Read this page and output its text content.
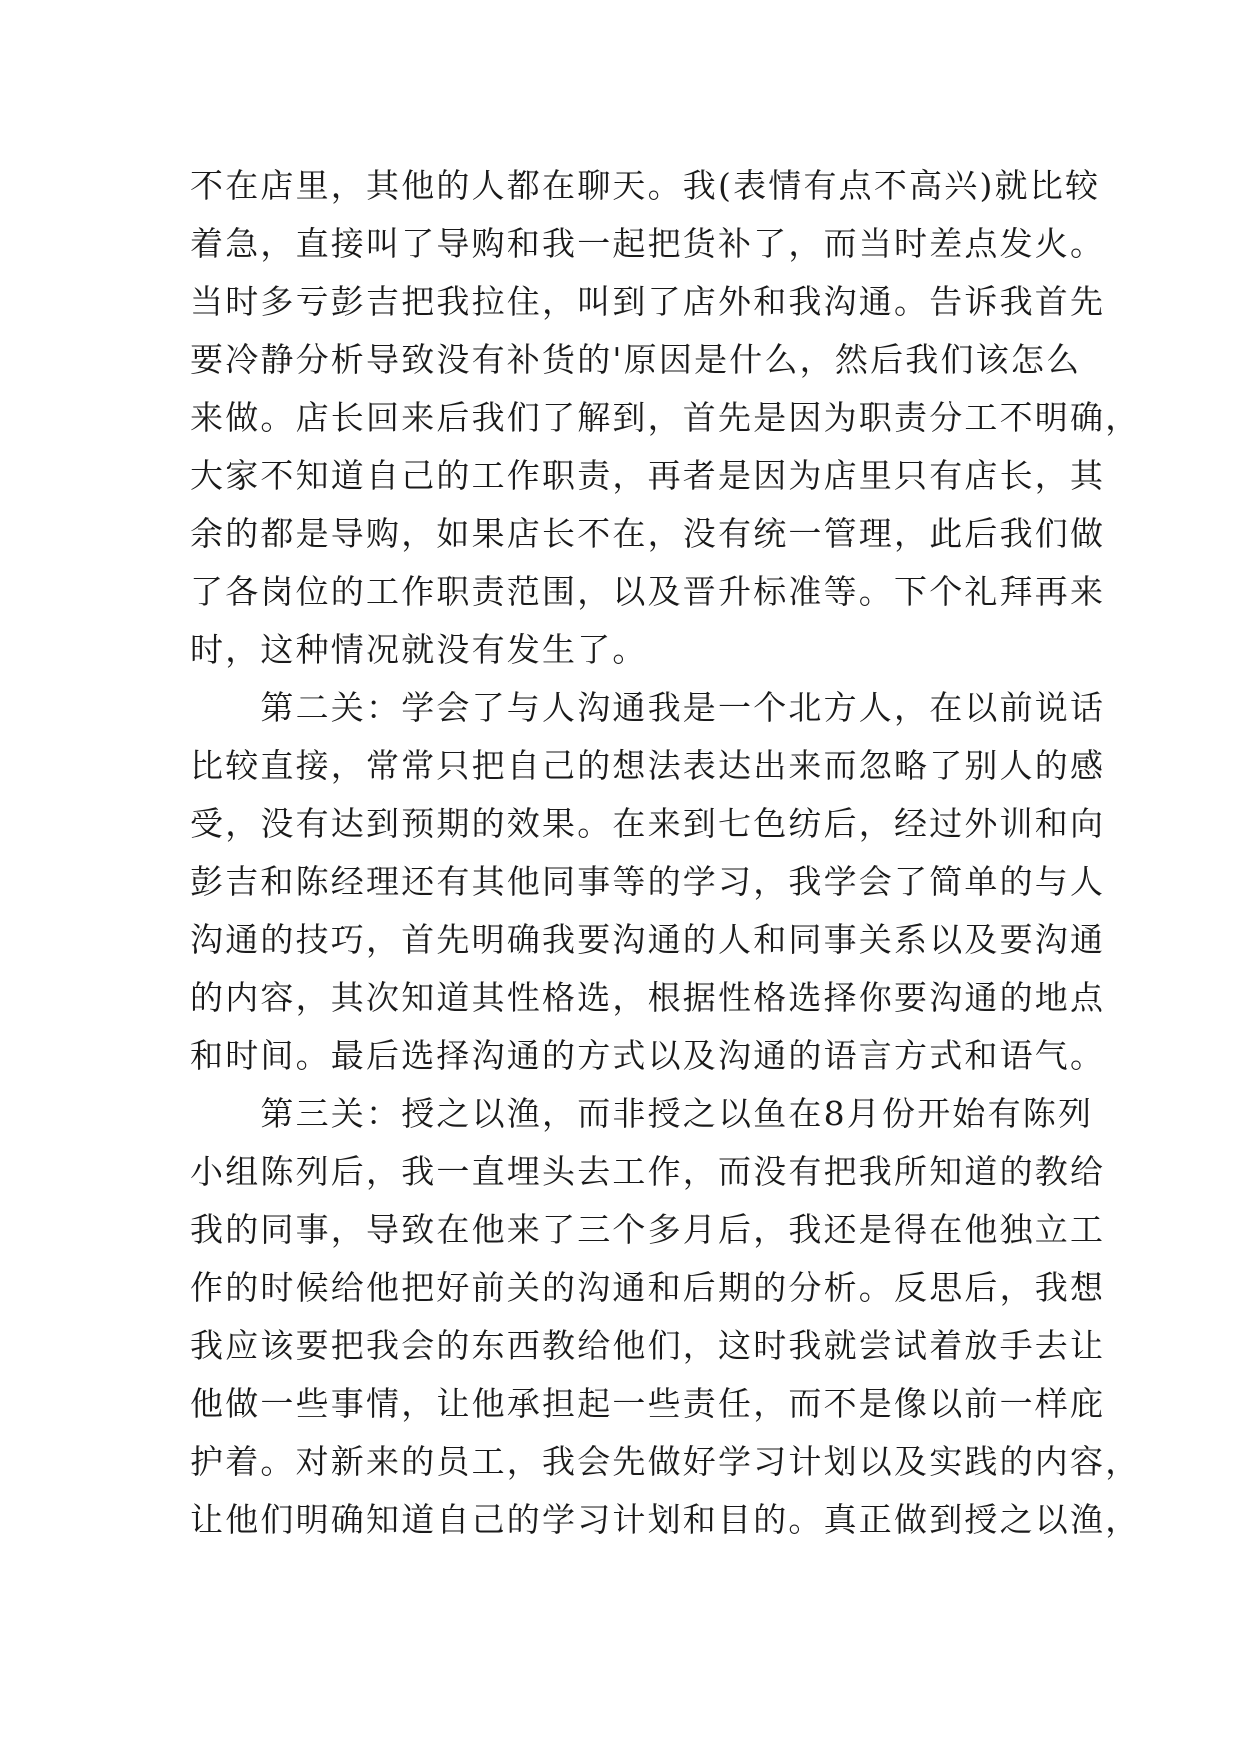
不在店里，其他的人都在聊天。我(表情有点不高兴)就比较
着急，直接叫了导购和我一起把货补了，而当时差点发火。
当时多亏彭吉把我拉住，叫到了店外和我沟通。告诉我首先
要冷静分析导致没有补货的'原因是什么，然后我们该怎么
来做。店长回来后我们了解到，首先是因为职责分工不明确，
大家不知道自己的工作职责，再者是因为店里只有店长，其
余的都是导购，如果店长不在，没有统一管理，此后我们做
了各岗位的工作职责范围，以及晋升标准等。下个礼拜再来
时，这种情况就没有发生了。
　　第二关：学会了与人沟通我是一个北方人，在以前说话
比较直接，常常只把自己的想法表达出来而忽略了别人的感
受，没有达到预期的效果。在来到七色纺后，经过外训和向
彭吉和陈经理还有其他同事等的学习，我学会了简单的与人
沟通的技巧，首先明确我要沟通的人和同事关系以及要沟通
的内容，其次知道其性格选，根据性格选择你要沟通的地点
和时间。最后选择沟通的方式以及沟通的语言方式和语气。
　　第三关：授之以渔，而非授之以鱼在8月份开始有陈列
小组陈列后，我一直埋头去工作，而没有把我所知道的教给
我的同事，导致在他来了三个多月后，我还是得在他独立工
作的时候给他把好前关的沟通和后期的分析。反思后，我想
我应该要把我会的东西教给他们，这时我就尝试着放手去让
他做一些事情，让他承担起一些责任，而不是像以前一样庇
护着。对新来的员工，我会先做好学习计划以及实践的内容，
让他们明确知道自己的学习计划和目的。真正做到授之以渔，
